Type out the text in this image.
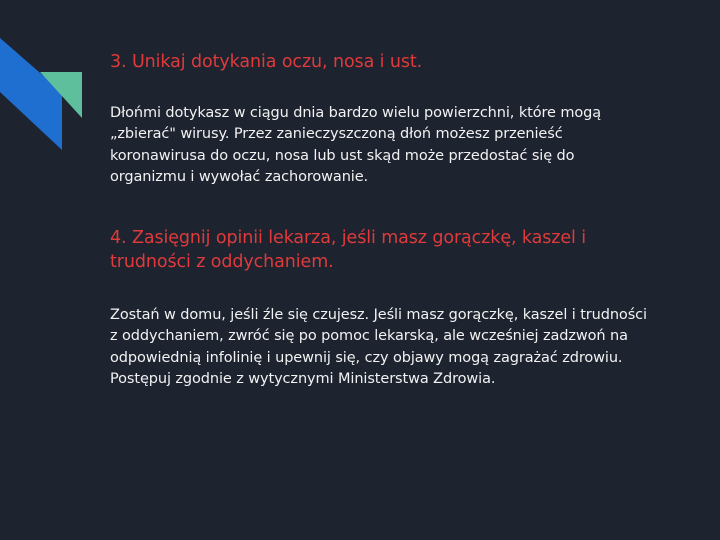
3. Unikaj dotykania oczu, nosa i ust.

Dłońmi dotykasz w ciągu dnia bardzo wielu powierzchni, które mogą „zbierać" wirusy. Przez zanieczyszczoną dłoń możesz przenieść koronawirusa do oczu, nosa lub ust skąd może przedostać się do organizmu i wywołać zachorowanie.

4. Zasięgnij opinii lekarza, jeśli masz gorączkę, kaszel i trudności z oddychaniem.

Zostań w domu, jeśli źle się czujesz. Jeśli masz gorączkę, kaszel i trudności z oddychaniem, zwróć się po pomoc lekarską, ale wcześniej zadzwoń na odpowiednią infolinię i upewnij się, czy objawy mogą zagrażać zdrowiu. Postępuj zgodnie z wytycznymi Ministerstwa Zdrowia.
